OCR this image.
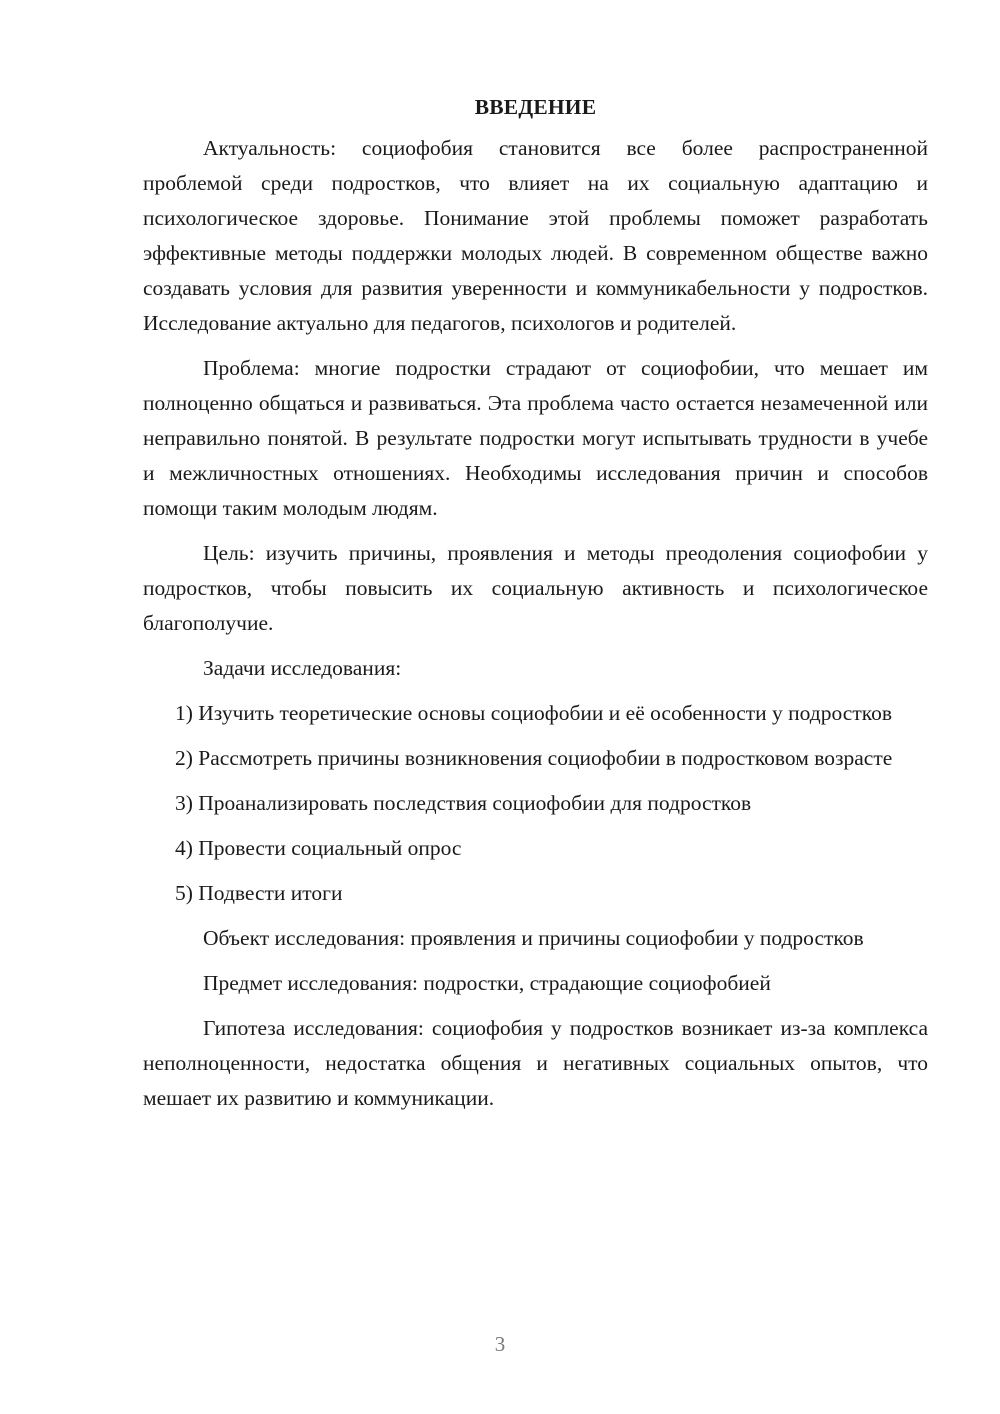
ВВЕДЕНИЕ

Актуальность: социофобия становится все более распространенной проблемой среди подростков, что влияет на их социальную адаптацию и психологическое здоровье. Понимание этой проблемы поможет разработать эффективные методы поддержки молодых людей. В современном обществе важно создавать условия для развития уверенности и коммуникабельности у подростков. Исследование актуально для педагогов, психологов и родителей.

Проблема: многие подростки страдают от социофобии, что мешает им полноценно общаться и развиваться. Эта проблема часто остается незамеченной или неправильно понятой. В результате подростки могут испытывать трудности в учебе и межличностных отношениях. Необходимы исследования причин и способов помощи таким молодым людям.

Цель: изучить причины, проявления и методы преодоления социофобии у подростков, чтобы повысить их социальную активность и психологическое благополучие.

Задачи исследования:

1) Изучить теоретические основы социофобии и её особенности у подростков

2) Рассмотреть причины возникновения социофобии в подростковом возрасте

3) Проанализировать последствия социофобии для подростков

4) Провести социальный опрос

5) Подвести итоги

Объект исследования: проявления и причины социофобии у подростков

Предмет исследования: подростки, страдающие социофобией

Гипотеза исследования: социофобия у подростков возникает из-за комплекса неполноценности, недостатка общения и негативных социальных опытов, что мешает их развитию и коммуникации.

3
